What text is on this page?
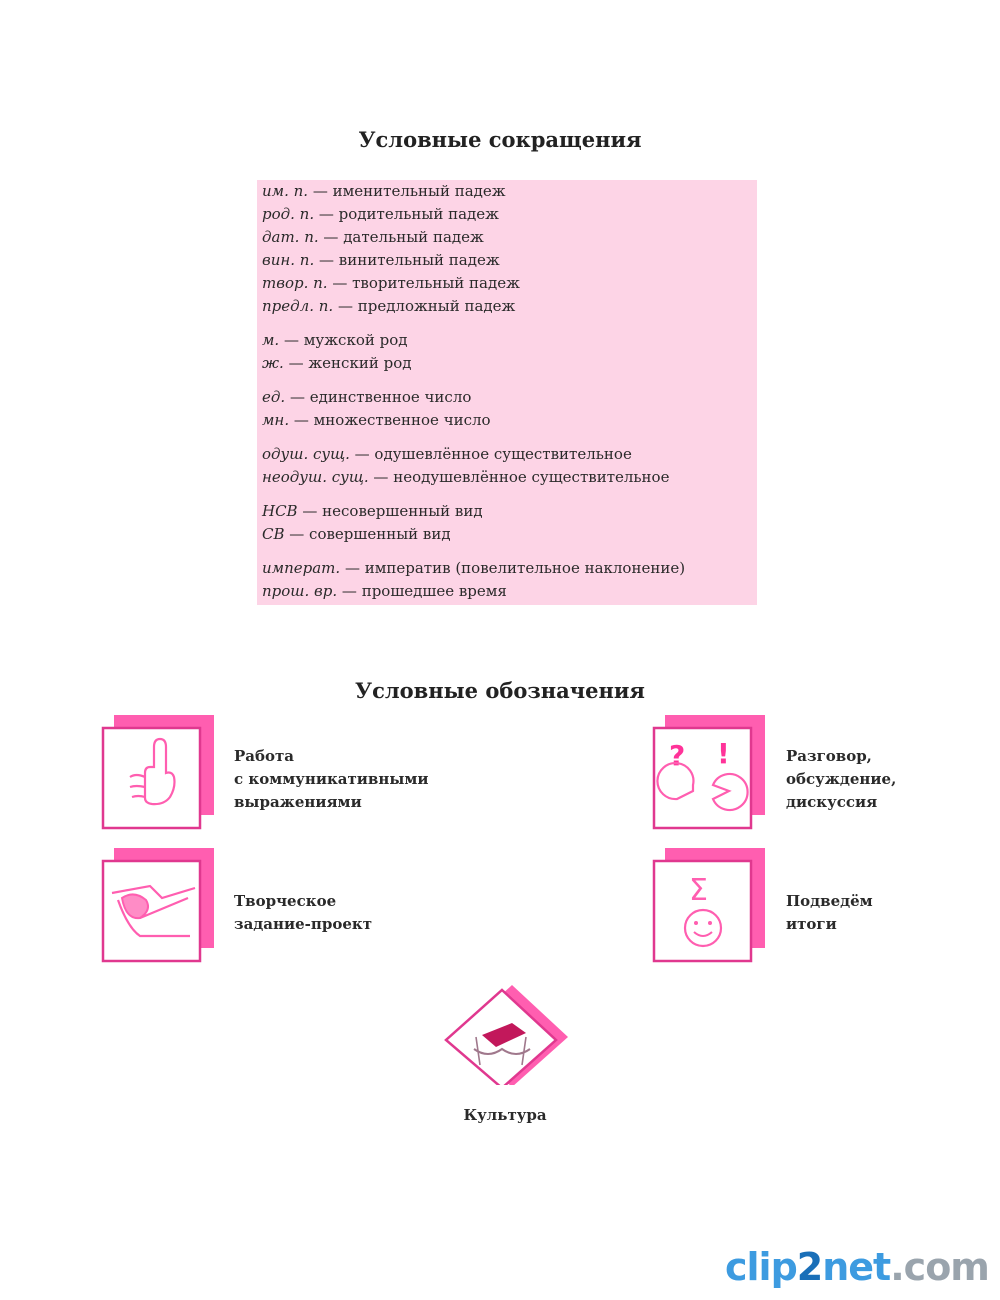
Условные сокращения
им. п. — именительный падеж
род. п. — родительный падеж
дат. п. — дательный падеж
вин. п. — винительный падеж
твор. п. — творительный падеж
предл. п. — предложный падеж
м. — мужской род
ж. — женский род
ед. — единственное число
мн. — множественное число
одуш. сущ. — одушевлённое существительное
неодуш. сущ. — неодушевлённое существительное
НСВ — несовершенный вид
СВ — совершенный вид
императ. — императив (повелительное наклонение)
прош. вр. — прошедшее время
Условные обозначения
Работа
с коммуникативными
выражениями
? !	Разговор,
обсуждение,
дискуссия
Творческое
задание-проект
Σ	Подведём
итоги
Культура
clip2net.com
